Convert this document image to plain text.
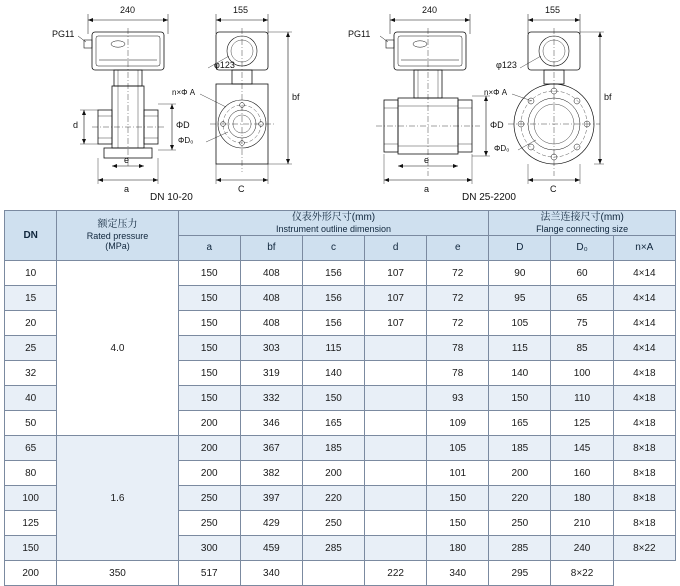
240
PG11
d	ΦD
e
a
155
φ123
n×Φ A
ΦD₀
bf
C
DN 10-20
240
PG11
ΦD
e
a
155
φ123
n×Φ A
ΦD₀
bf
C
DN 25-2200
DN	额定压力
Rated pressure
(MPa)	仪表外形尺寸(mm)
Instrument outline dimension					法兰连接尺寸(mm)
Flange connecting size		

		a	bf	c	d	e	D	D₀	n×A
10	4.0	150	408	156	107	72	90	60	4×14
15		150	408	156	107	72	95	65	4×14
20		150	408	156	107	72	105	75	4×14
25		150	303	115		78	115	85	4×14
32		150	319	140		78	140	100	4×18
40		150	332	150		93	150	110	4×18
50		200	346	165		109	165	125	4×18
65	1.6	200	367	185		105	185	145	8×18
80		200	382	200		101	200	160	8×18
100		250	397	220		150	220	180	8×18
125		250	429	250		150	250	210	8×18
150		300	459	285		180	285	240	8×22
200	350	517	340		222	340	295	8×22	
